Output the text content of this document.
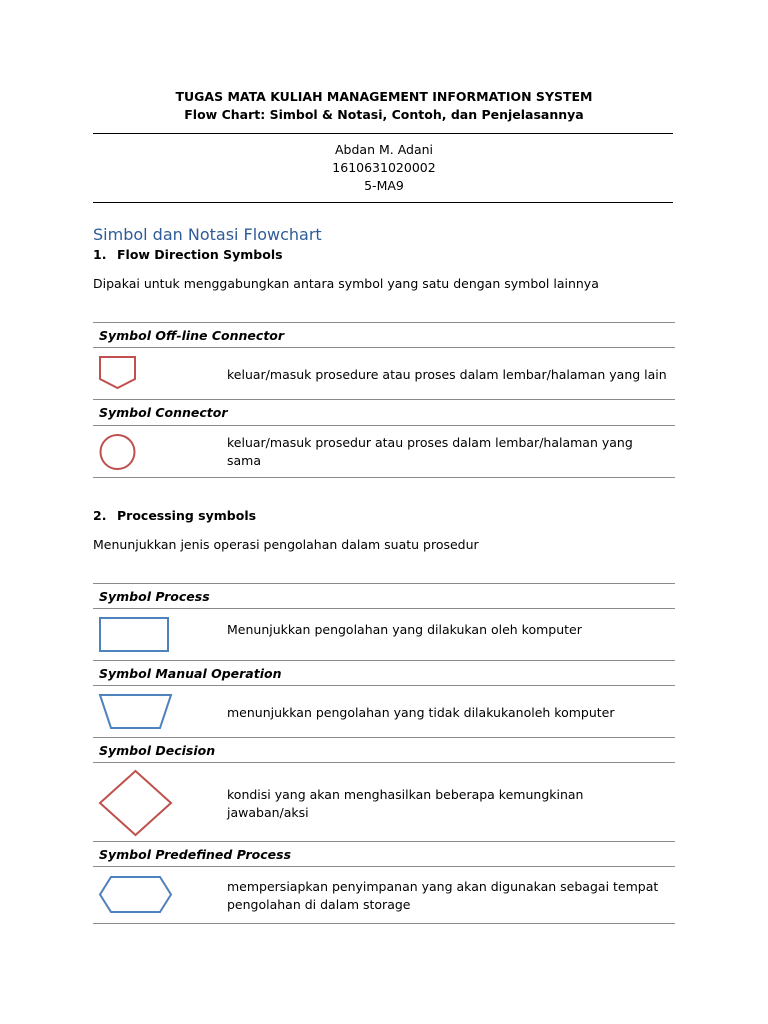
TUGAS MATA KULIAH MANAGEMENT INFORMATION SYSTEM
Flow Chart: Simbol & Notasi, Contoh, dan Penjelasannya
Abdan M. Adani
1610631020002
5-MA9
Simbol dan Notasi Flowchart
1. Flow Direction Symbols
Dipakai untuk menggabungkan antara symbol yang satu dengan symbol lainnya
Symbol Off-line Connector
keluar/masuk prosedure atau proses dalam lembar/halaman yang lain
Symbol Connector
keluar/masuk prosedur atau proses dalam lembar/halaman yang sama
2. Processing symbols
Menunjukkan jenis operasi pengolahan dalam suatu prosedur
Symbol Process
Menunjukkan pengolahan yang dilakukan oleh komputer
Symbol Manual Operation
menunjukkan pengolahan yang tidak dilakukanoleh komputer
Symbol Decision
kondisi yang akan menghasilkan beberapa kemungkinan jawaban/aksi
Symbol Predefined Process
mempersiapkan penyimpanan yang akan digunakan sebagai tempat pengolahan di dalam storage
